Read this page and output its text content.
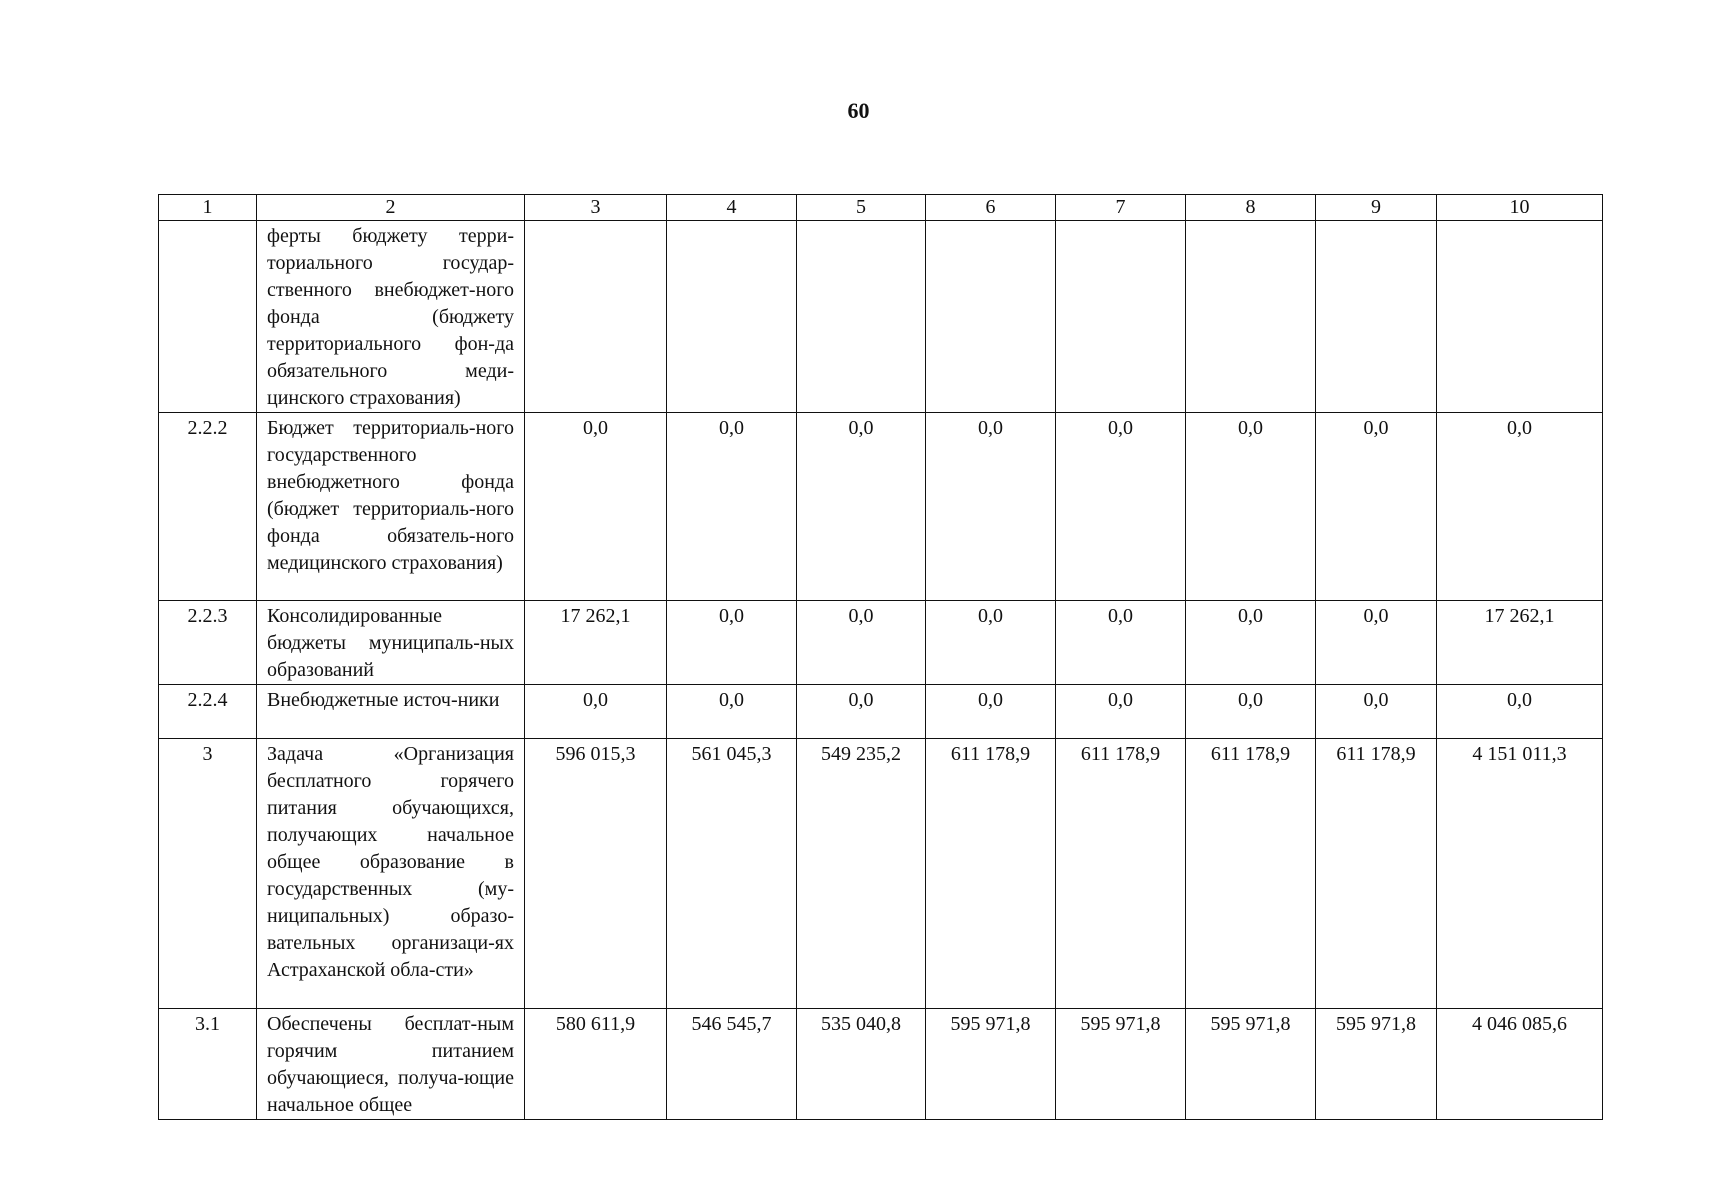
60
1	2	3	4	5	6	7	8	9	10
	ферты бюджету терри-ториального государ-ственного внебюджет-ного фонда (бюджету территориального фон-да обязательного меди-цинского страхования)								
2.2.2	Бюджет территориаль-ного государственного внебюджетного фонда (бюджет территориаль-ного фонда обязатель-ного медицинского страхования)	0,0	0,0	0,0	0,0	0,0	0,0	0,0	0,0
2.2.3	Консолидированные бюджеты муниципаль-ных образований	17 262,1	0,0	0,0	0,0	0,0	0,0	0,0	17 262,1
2.2.4	Внебюджетные источ-ники	0,0	0,0	0,0	0,0	0,0	0,0	0,0	0,0
3	Задача «Организация бесплатного горячего питания обучающихся, получающих начальное общее образование в государственных (му-ниципальных) образо-вательных организаци-ях Астраханской обла-сти»	596 015,3	561 045,3	549 235,2	611 178,9	611 178,9	611 178,9	611 178,9	4 151 011,3
3.1	Обеспечены бесплат-ным горячим питанием обучающиеся, получа-ющие начальное общее	580 611,9	546 545,7	535 040,8	595 971,8	595 971,8	595 971,8	595 971,8	4 046 085,6
